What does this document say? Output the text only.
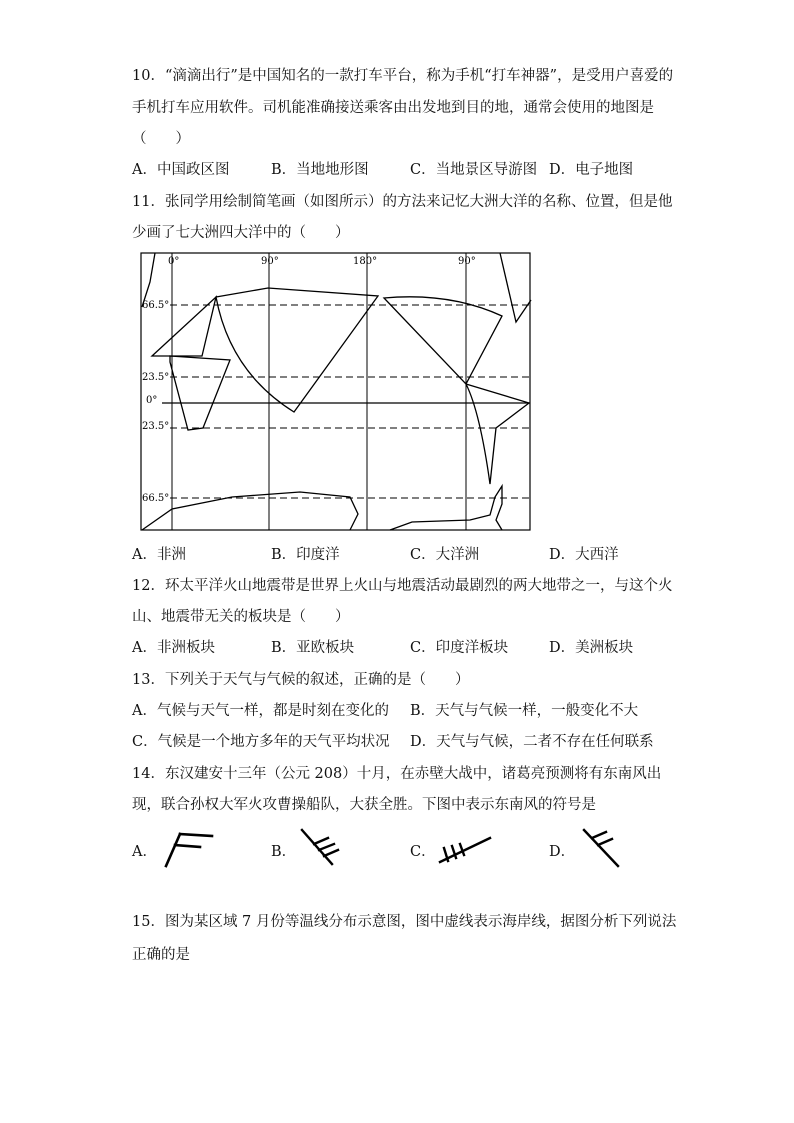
10．“滴滴出行”是中国知名的一款打车平台，称为手机“打车神器”，是受用户喜爱的
手机打车应用软件。司机能准确接送乘客由出发地到目的地，通常会使用的地图是
（　　）
A．中国政区图	B．当地地形图	C．当地景区导游图 D．电子地图
11．张同学用绘制简笔画（如图所示）的方法来记忆大洲大洋的名称、位置，但是他
少画了七大洲四大洋中的（　　）
0°	90°	180°	90°
66.5°
23.5°
0°
23.5°
66.5°
A．非洲	B．印度洋	C．大洋洲	D．大西洋
12．环太平洋火山地震带是世界上火山与地震活动最剧烈的两大地带之一，与这个火
山、地震带无关的板块是（　　）
A．非洲板块	B．亚欧板块	C．印度洋板块	D．美洲板块
13．下列关于天气与气候的叙述，正确的是（　　）
A．气候与天气一样，都是时刻在变化的 B．天气与气候一样，一般变化不大
C．气候是一个地方多年的天气平均状况 D．天气与气候，二者不存在任何联系
14．东汉建安十三年（公元 208）十月，在赤壁大战中，诸葛亮预测将有东南风出
现，联合孙权大军火攻曹操船队，大获全胜。下图中表示东南风的符号是
A．	B．	C．	D．
15．图为某区域 7 月份等温线分布示意图，图中虚线表示海岸线，据图分析下列说法
正确的是
